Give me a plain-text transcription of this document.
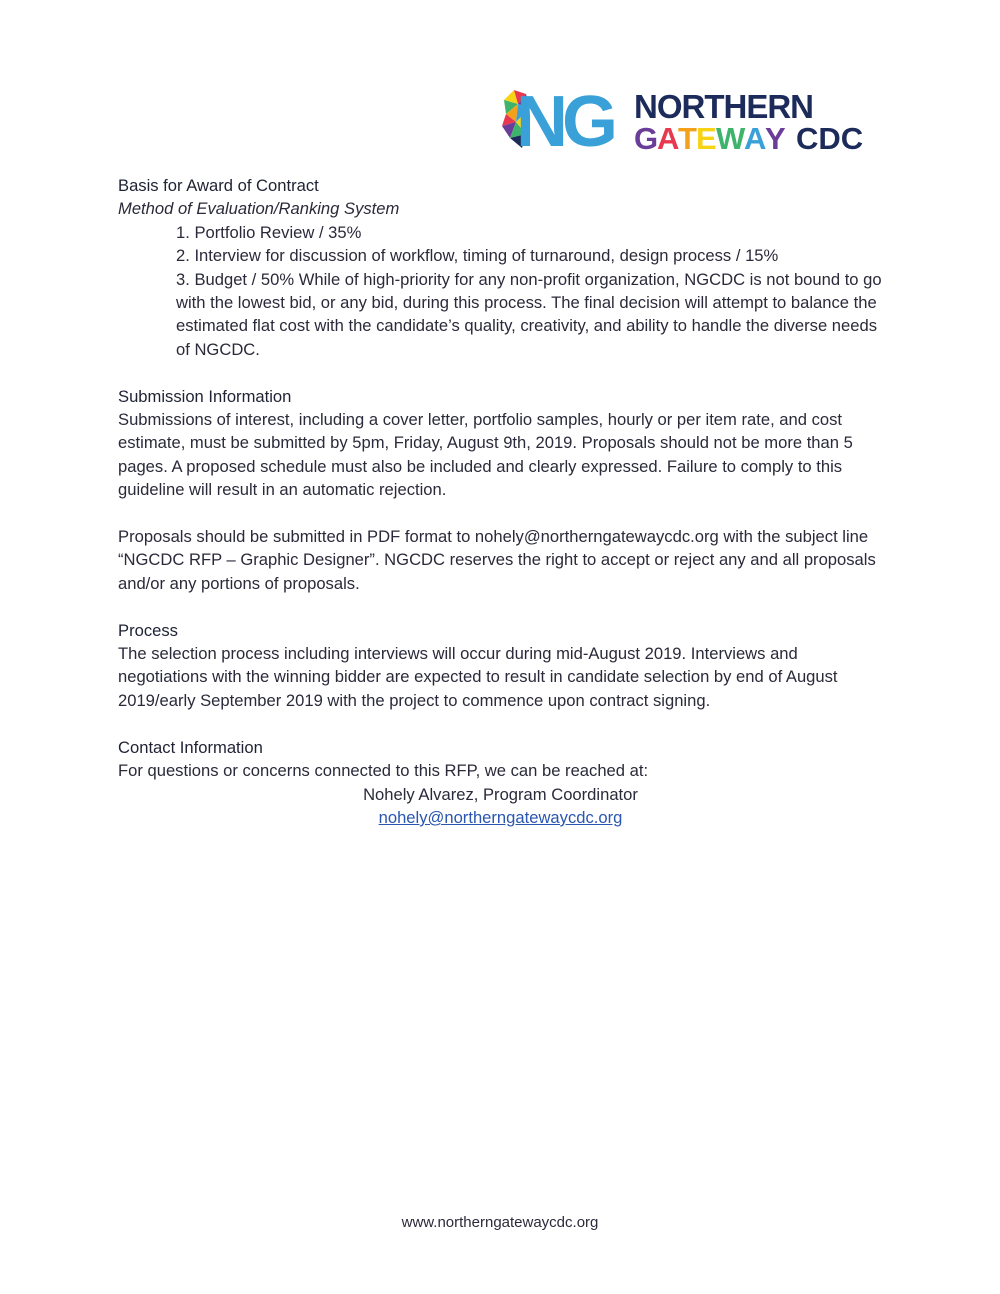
NG NORTHERN
G
A
T E W
A
Y CDC

Basis for Award of Contract

Method of Evaluation/Ranking System

1. Portfolio Review / 35%
2. Interview for discussion of workflow, timing of turnaround, design process / 15%
3. Budget / 50% While of high-priority for any non-profit organization, NGCDC is not bound to go with the lowest bid, or any bid, during this process. The final decision will attempt to balance the estimated flat cost with the candidate’s quality, creativity, and ability to handle the diverse needs of NGCDC.

Submission Information

Submissions of interest, including a cover letter, portfolio samples, hourly or per item rate, and cost estimate, must be submitted by 5pm, Friday, August 9th, 2019. Proposals should not be more than 5 pages. A proposed schedule must also be included and clearly expressed. Failure to comply to this guideline will result in an automatic rejection.

Proposals should be submitted in PDF format to nohely@northerngatewaycdc.org with the subject line “NGCDC RFP – Graphic Designer”. NGCDC reserves the right to accept or reject any and all proposals and/or any portions of proposals.

Process

The selection process including interviews will occur during mid-August 2019. Interviews and negotiations with the winning bidder are expected to result in candidate selection by end of August 2019/early September 2019 with the project to commence upon contract signing.

Contact Information

For questions or concerns connected to this RFP, we can be reached at:

Nohely Alvarez, Program Coordinator

nohely@northerngatewaycdc.org

www.northerngatewaycdc.org
